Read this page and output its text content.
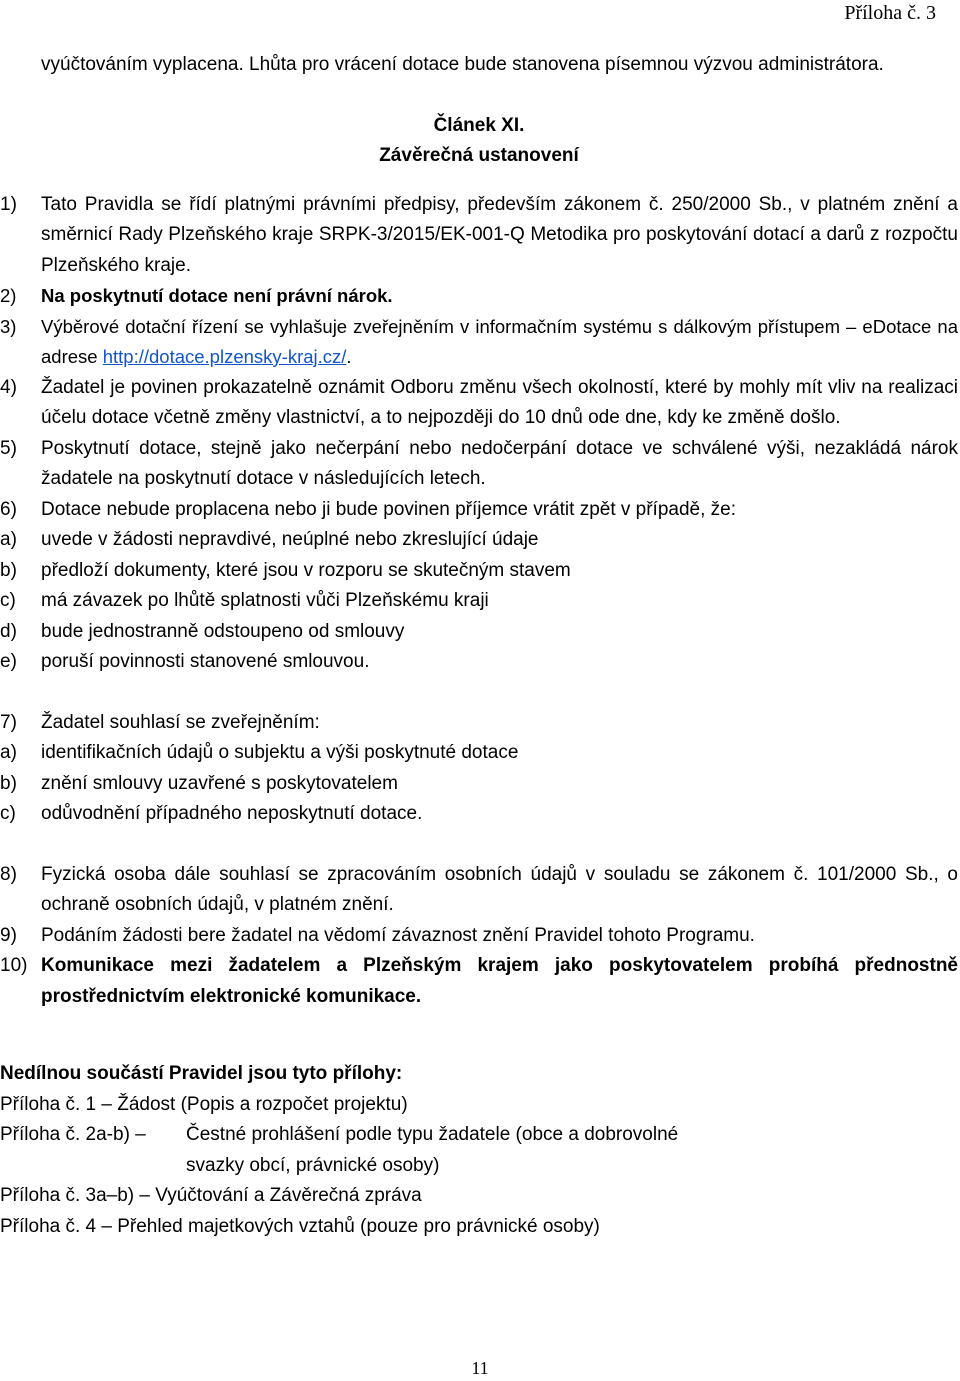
Příloha č. 3

vyúčtováním vyplacena. Lhůta pro vrácení dotace bude stanovena písemnou výzvou administrátora.

Článek XI.

Závěrečná ustanovení

1)	Tato Pravidla se řídí platnými právními předpisy, především zákonem č. 250/2000 Sb., v platném znění a směrnicí Rady Plzeňského kraje SRPK-3/2015/EK-001-Q Metodika pro poskytování dotací a darů z rozpočtu Plzeňského kraje.
2)	Na poskytnutí dotace není právní nárok.
3)	Výběrové dotační řízení se vyhlašuje zveřejněním v informačním systému s dálkovým přístupem – eDotace na adrese http://dotace.plzensky-kraj.cz/.
4)	Žadatel je povinen prokazatelně oznámit Odboru změnu všech okolností, které by mohly mít vliv na realizaci účelu dotace včetně změny vlastnictví, a to nejpozději do 10 dnů ode dne, kdy ke změně došlo.
5)	Poskytnutí dotace, stejně jako nečerpání nebo nedočerpání dotace ve schválené výši, nezakládá nárok žadatele na poskytnutí dotace v následujících letech.
6)	Dotace nebude proplacena nebo ji bude povinen příjemce vrátit zpět v případě, že:
a)	uvede v žádosti nepravdivé, neúplné nebo zkreslující údaje
b)	předloží dokumenty, které jsou v rozporu se skutečným stavem
c)	má závazek po lhůtě splatnosti vůči Plzeňskému kraji
d)	bude jednostranně odstoupeno od smlouvy
e)	poruší povinnosti stanovené smlouvou.
7)	Žadatel souhlasí se zveřejněním:
a)	identifikačních údajů o subjektu a výši poskytnuté dotace
b)	znění smlouvy uzavřené s poskytovatelem
c)	odůvodnění případného neposkytnutí dotace.
8)	Fyzická osoba dále souhlasí se zpracováním osobních údajů v souladu se zákonem č. 101/2000 Sb., o ochraně osobních údajů, v platném znění.
9)	Podáním žádosti bere žadatel na vědomí závaznost znění Pravidel tohoto Programu.
10) Komunikace mezi žadatelem a Plzeňským krajem jako poskytovatelem probíhá přednostně prostřednictvím elektronické komunikace.
Nedílnou součástí Pravidel jsou tyto přílohy:
Příloha č. 1 – Žádost (Popis a rozpočet projektu)
Příloha č. 2a-b) –	Čestné prohlášení podle typu žadatele (obce a dobrovolné
svazky obcí, právnické osoby)
Příloha č. 3a–b) – Vyúčtování a Závěrečná zpráva
Příloha č. 4 – Přehled majetkových vztahů (pouze pro právnické osoby)
11
